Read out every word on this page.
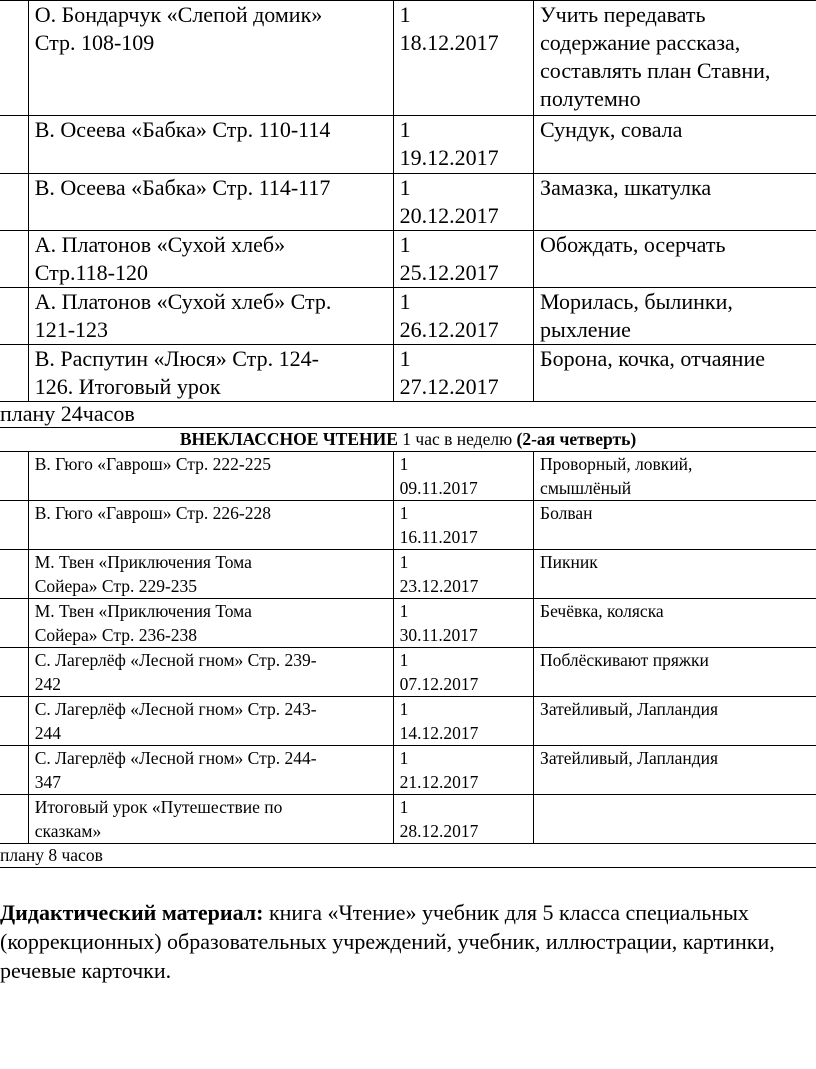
	О. Бондарчук «Слепой домик»
Стр. 108-109	1
18.12.2017	Учить передавать
содержание рассказа,
составлять план Ставни,
полутемно

	В. Осеева «Бабка» Стр. 110-114	1
19.12.2017	Сундук, совала

	В. Осеева «Бабка» Стр. 114-117	1
20.12.2017	Замазка, шкатулка

	А. Платонов «Сухой хлеб»
Стр.118-120	1
25.12.2017	Обождать, осерчать

	А. Платонов «Сухой хлеб» Стр.
121-123	1
26.12.2017	Морилась, былинки,
рыхление

	В. Распутин «Люся» Стр. 124-
126. Итоговый урок	1
27.12.2017	Борона, кочка, отчаяние
плану 24часов
ВНЕКЛАССНОЕ ЧТЕНИЕ 1 час в неделю (2-ая четверть)

	В. Гюго «Гаврош» Стр. 222-225	1
09.11.2017	Проворный, ловкий,
смышлёный

	В. Гюго «Гаврош» Стр. 226-228	1
16.11.2017	Болван

	М. Твен «Приключения Тома
Сойера» Стр. 229-235	1
23.12.2017	Пикник

	М. Твен «Приключения Тома
Сойера» Стр. 236-238	1
30.11.2017	Бечёвка, коляска

	С. Лагерлёф «Лесной гном» Стр. 239-
242	1
07.12.2017	Поблёскивают пряжки

	С. Лагерлёф «Лесной гном» Стр. 243-
244	1
14.12.2017	Затейливый, Лапландия

	С. Лагерлёф «Лесной гном» Стр. 244-
347	1
21.12.2017	Затейливый, Лапландия

	Итоговый урок «Путешествие по
сказкам»	1
28.12.2017	

плану 8 часов
Дидактический материал: книга «Чтение» учебник для 5 класса специальных (коррекционных) образовательных учреждений, учебник, иллюстрации, картинки, речевые карточки.
